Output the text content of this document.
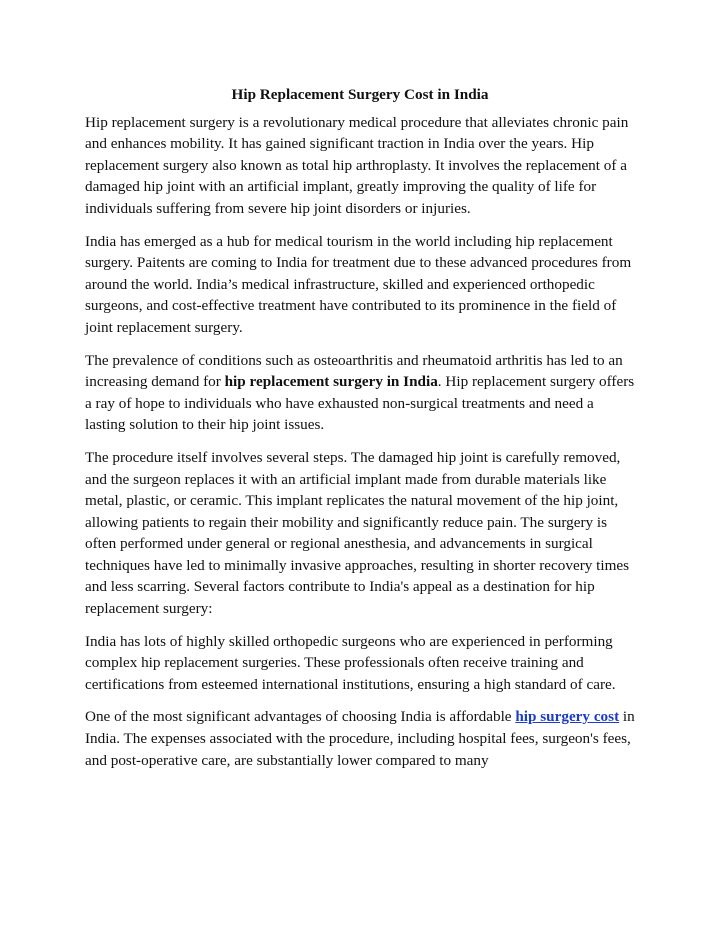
Hip Replacement Surgery Cost in India

Hip replacement surgery is a revolutionary medical procedure that alleviates chronic pain and enhances mobility. It has gained significant traction in India over the years. Hip replacement surgery also known as total hip arthroplasty. It involves the replacement of a damaged hip joint with an artificial implant, greatly improving the quality of life for individuals suffering from severe hip joint disorders or injuries.

India has emerged as a hub for medical tourism in the world including hip replacement surgery. Paitents are coming to India for treatment due to these advanced procedures from around the world. India’s medical infrastructure, skilled and experienced orthopedic surgeons, and cost-effective treatment have contributed to its prominence in the field of joint replacement surgery.

The prevalence of conditions such as osteoarthritis and rheumatoid arthritis has led to an increasing demand for hip replacement surgery in India. Hip replacement surgery offers a ray of hope to individuals who have exhausted non-surgical treatments and need a lasting solution to their hip joint issues.

The procedure itself involves several steps. The damaged hip joint is carefully removed, and the surgeon replaces it with an artificial implant made from durable materials like metal, plastic, or ceramic. This implant replicates the natural movement of the hip joint, allowing patients to regain their mobility and significantly reduce pain. The surgery is often performed under general or regional anesthesia, and advancements in surgical techniques have led to minimally invasive approaches, resulting in shorter recovery times and less scarring. Several factors contribute to India's appeal as a destination for hip replacement surgery:

India has lots of highly skilled orthopedic surgeons who are experienced in performing complex hip replacement surgeries. These professionals often receive training and certifications from esteemed international institutions, ensuring a high standard of care.

One of the most significant advantages of choosing India is affordable hip surgery cost in India. The expenses associated with the procedure, including hospital fees, surgeon's fees, and post-operative care, are substantially lower compared to many
